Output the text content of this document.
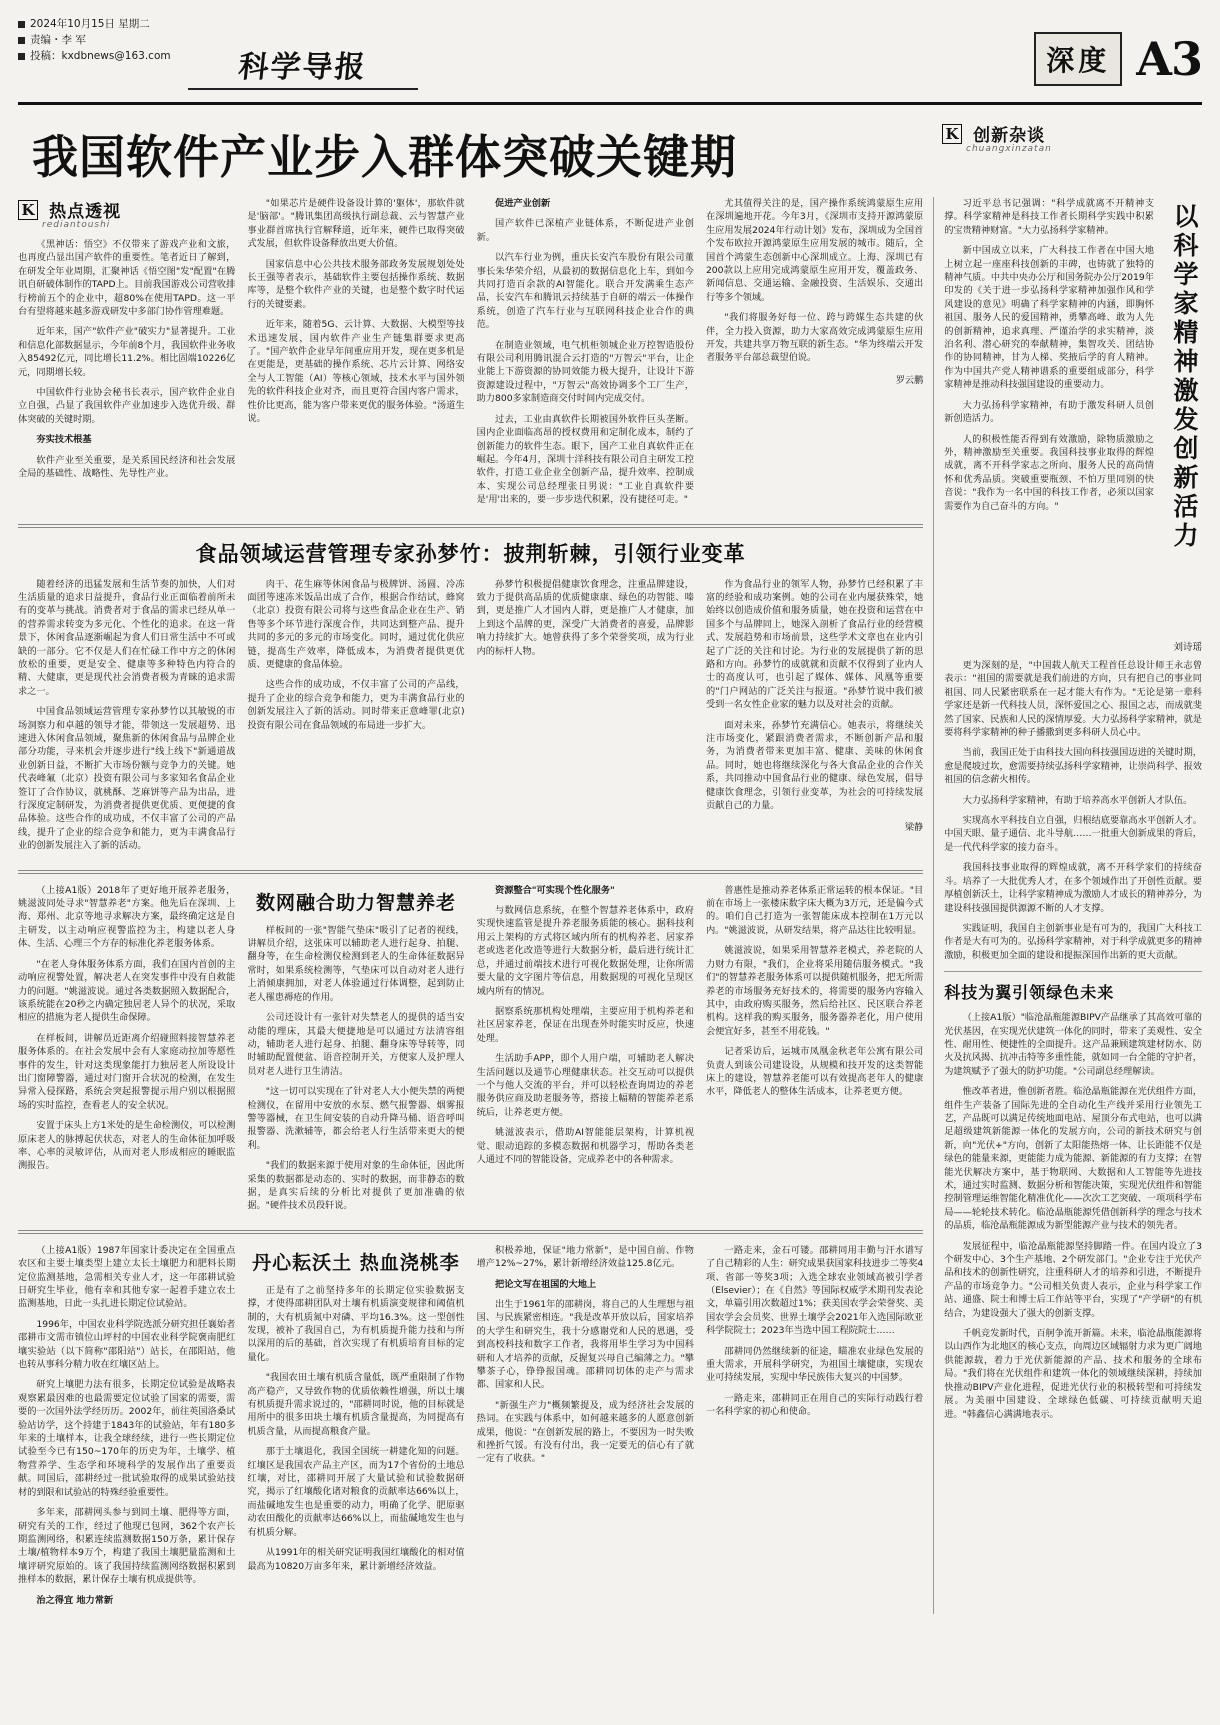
2024年10月15日 星期二
责编・李 军
投稿：kxdbnews@163.com	科学导报	深度 A3
我国软件产业步入群体突破关键期	K 创新杂谈
chuangxinzatan
K 热点透视
rediantoushi

《黑神话：悟空》不仅带来了游戏产业和文旅，也再度凸显出国产软件的重要性。笔者近日了解到，在研发全年业周期，汇聚神话《悟空图"发"配置"在腾讯自研破体制作的TAPD上。目前我国游戏公司营收排行榜前五个的企业中，超80%在使用TAPD。这一平台有望将越来越多游戏研发中多部门协作管理难题。

近年来，国产"软件产业"破实力"显著提升。工业和信息化部数据显示，今年前8个月，我国软件业务收入85492亿元，同比增长11.2%。相比固端10226亿元，同期增长较。

中国软件行业协会秘书长表示，国产软件企业自立自强，凸显了我国软件产业加速步入选优升级、群体突破的关键时期。

夯实技术根基

软件产业至关重要，是关系国民经济和社会发展全局的基础性、战略性、先导性产业。

"如果芯片是硬件设备设计算的'躯体'，那软件就是'脑部'。"腾讯集团高级执行副总裁、云与智慧产业事业群首席执行官解释道，近年来，硬件已取得突破式发展，但软件设备释放出更大价值。

国家信息中心公共技术服务部政务发展规划处处长王强等者表示，基础软件主要包括操作系统、数据库等，是整个软件产业的关键，也是整个数字时代运行的关键要素。

近年来，随着5G、云计算、大数据、大模型等技术迅速发展，国内软件产业生产链集群要求更高了。"国产软件企业早年间重应用开发，现在更多机是在更能是，更基础的操作系统、芯片云计算、网络安全与人工智能（AI）等核心领域，技术水平与国外领先的软件科技企业对齐，而且更符合国内客户需求，性价比更高，能为客户带来更优的服务体验。"汤道生说。

促进产业创新

国产软件已深植产业链体系，不断促进产业创新。

以汽车行业为例，重庆长安汽车股份有限公司董事长朱华荣介绍，从最初的数据信息化上车，到如今共同打造百余款的AI智能化。联合开发满乘生态产品，长安汽车和腾讯云持续基于自研的端云一体操作系统，创造了汽车行业与互联网科技企业合作的典范。

在制造业领域，电气机柜领城企业万控智造股份有限公司利用腾讯混合云打造的"万智云"平台，让企业能上下游资源的协同效能力极大提升，让设计下游资源建设过程中，"万智云"高效协调多个工厂生产，助力800多家制造商交付时间内完成交付。

过去，工业由真软件长期被国外软件巨头垄断。国内企业面临高昂的授权费用和定制化成本，制约了创新能力的软件生态。眼下，国产工业自真软件正在崛起。今年4月，深圳十洋科技有限公司自主研发工控软件，打造工业企业全创新产品，提升效率、控制成本、实现公司总经理张日男说："工业自真软件要是'用'出来的，要一步步迭代积累，没有捷径可走。"

尤其值得关注的是，国产操作系统鸿蒙原生应用在深圳遍地开花。今年3月，《深圳市支持开源鸿蒙原生应用发展2024年行动计划》发布，深圳成为全国首个发布欧拉开源鸿蒙原生应用发展的城市。随后，全国首个鸿蒙生态创新中心深圳成立。上海、深圳已有200款以上应用完成鸿蒙原生应用开发，覆盖政务、新闻信息、交通运输、金融投资、生活娱乐、交通出行等多个领域。

"我们将服务好每一位、跨与跨媒生态共建的伙伴，全力投入资源，助力大家高效完成鸿蒙原生应用开发，共建共享万物互联的新生态。"华为终端云开发者服务平台部总裁望伯说。

罗云鹏

食品领域运营管理专家孙梦竹：披荆斩棘，引领行业变革

随着经济的迅猛发展和生活节奏的加快，人们对生活质量的追求日益提升，食品行业正面临着前所未有的变革与挑战。消费者对于食品的需求已经从单一的营养需求转变为多元化、个性化的追求。在这一背景下，休闲食品逐渐崛起为食人们日常生活中不可或缺的一部分。它不仅是人们在忙碌工作中方之的休闲放松的重要，更是安全、健康等多种特色内符合的精、大健康，更是现代社会消费者极为青睐的追求需求之一。

中国食品领域运营管理专家孙梦竹以其敏锐的市场洞察力和卓越的领导才能，带领这一发展超势、迅速进入休闲食品领域，聚焦新的休闲食品与品牌企业部分功能，寻来机会并逐步进行"线上线下"新通道战业创新日益，不断扩大市场份额与竞争力的关键。她代表峰氟（北京）投资有限公司与多家知名食品企业签订了合作协议，就桃酥、芝麻饼等产品为出品，进行深度定制研发，为消费者提供更优质、更便捷的食品体验。这些合作的成功成，不仅丰富了公司的产品线，提升了企业的综合竞争和能力，更为丰满食品行业的创新发展注入了新的活动。

肉干、花生麻等休闲食品与极牌饼、汤圆、冷冻面团等速冻米饭品出成了合作，根据合作结试，蜂窝（北京）投资有限公司将与这些食品企业在生产、销售等多个环节进行深度合作，共同达到整产品、提升共同的多元的多元的市场变化。同时，通过优化供应链，提高生产效率，降低成本，为消费者提供更优质、更健康的食品体验。

这些合作的成功成，不仅丰富了公司的产品线，提升了企业的综合竞争和能力，更为丰满食品行业的创新发展注入了新的活动。同时带来正意峰罪(北京)投资有限公司在食品领域的布局进一步扩大。

孙梦竹积极提倡健康饮食理念，注重品牌建设，致力于提供高品质的优质健康康、绿色的功智能、嗪到，更是推广人才国内人群，更是推广人才健康，加上到这个品牌的更，深受广大消费者的喜爱，品牌影响力持续扩大。她曾获得了多个荣誉奖项，成为行业内的标杆人物。

作为食品行业的领军人物，孙梦竹已经积累了丰富的经验和成功案例。她的公司在业内屡获殊荣，她始终以创造成价值和服务质量，她在投资和运营在中国多个与品牌同上，她深入剖析了食品行业的经营模式、发展趋势和市场前景，这些学术文章也在业内引起了广泛的关注和讨论。为行业的发展提供了新的思路和方向。孙梦竹的成就就和贡献不仅得到了业内人士的高度认可，也引起了媒体、媒体、风凰等重要的"门户网站的广泛关注与报道。"孙梦竹说中我们被受到一名女性企业家的魅力以及对社会的贡献。

面对未来，孙梦竹充满信心。她表示，将继续关注市场变化，紧跟消费者需求，不断创新产品和服务，为消费者带来更加丰富、健康、美味的休闲食品。同时，她也将继续深化与各大食品企业的合作关系，共同推动中国食品行业的健康、绿色发展，倡导健康饮食理念，引领行业变革，为社会的可持续发展贡献自己的力量。

梁静

（上接A1版）2018年了更好地开展养老服务，姚滋波同处寻求"智慧养老"方案。他先后在深圳、上海、郑州、北京等地寻求解决方案，最终确定这是自主研发，以主动响应视警监控为主，构建以老人身体、生活、心理三个方存的标准化养老服务体系。

"在老人身体服务体系方面，我们在国内首创的主动响应视警处置，解决老人在突发事件中没有自救能力的问题。"姚滋波说。通过各类数据照入数据配合，该系统能在20秒之内确定独居老人异个的状况，采取相应的措施为老人提供生命保障。

在样板间，讲解员近距离介绍碰照料接智慧养老服务体系的。在社会发展中会有人家庭动拉加等愿性事件的发生，针对这类现象能打力独居老人所设设计出门窗障警器，通过对门窗开合状况的检测，在发生异常入侵探路，系统会突起报警提示用户别以根据照场的实时监控，查看老人的安全状况。

安置于床头上方1米处的是生命检测仪，可以检测原床老人的脉搏起伏状态，对老人的生命体征加呼吸率、心率的灵敏评估，从而对老人形成相应的睡眠监测报告。

数网融合助力智慧养老

样板间的一张"智能气垫床"吸引了记者的视线，讲解员介绍，这张床可以辅助老人进行起身、拍腿、翻身等，在生命检测仪检测到老人的生命体征数据异常时，如果系统检测等，气垫床可以自动对老人进行上消倾康拥加，对老人体验通过行体调整，起到防止老人罹患褥疮的作用。

公司还设计有一张针对失禁老人的提供的适当安动能的理床，其最大便捷地是可以通过方法清容组动，辅助老人进行起身、拍腿、翻身床等导转等，同时辅助配置便盆、语音控制开关，方便家人及护理人员对老人进行卫生清洁。

"这一切可以实现在了针对老人大小便失禁的两便检测仪，在留用中安放的水泵、燃气报警器、烟雾报警等器械，在卫生间安装的自动升降马桶、语音呼叫报警器、洗漱辅等，都会给老人行生活带来更大的便利。

"我们的数据来源于使用对象的生命体征，因此所采集的数据都是动态的、实时的数据，而非静态的数据，是真实后续的分析比对提供了更加准确的依据。"硬件技术员段轩说。

资源整合"可实现个性化服务"

与数网信息系统，在整个智慧养老体系中，政府实现快速监管是提升养老服务质能的核心。据科技利用云上架构的方式将区域内所有的机构养老、居家养老或选老化改造等进行大数据分析，最后进行统计汇总，并通过前端技术进行可视化数据处理，让你所需要大量的文字图片等信息，用数据现的可视化呈现区域内所有的情况。

据察系统那机构处理端，主要应用于机构养老和社区居家养老，保证在出现查外时能实时反应，快速处理。

生活助手APP，即个人用户端，可辅助老人解决生活问题以及通节心理健康状态。社交互动可以提供一个与他人交流的平台，并可以轻松查询周边的养老服务供应商及助老服务等，搭接上幅精的智能养老系统后，让养老更方便。

姚滋波表示，借助AI智能能层架构，计算机视觉、眼动追踪的多模态数据和机器学习，帮助各类老人通过不同的智能设备，完成养老中的各种需求。

普惠性是推动养老体系正常运转的根本保证。"目前在市场上一张楼床数字床大概为3万元，还是偏今式的。咱们自己打造为一张智能床成本控制在1万元以内。"姚滋波说，从研发结果，将产品达往比较明显。

姚滋波说，如果采用智慧养老模式，养老院的人力财力有限，"我们，企业将采用随信服务模式。"我们"的智慧养老服务体系可以提供随机服务，把无所需养老的市场服务充好技术的，将需要的服务内容输入其中，由政府购买服务，然后给社区、民区联合养老机构。这样我的购买服务，服务器养老化，用户使用会便宜好多，甚至不用花钱。"

记者采访后，运城市凤凰金秋老年公寓有限公司负责人到该公司建设设，从规模和技开发的这类智能床上的建设，智慧养老能可以有效提高老年人的健康水平，降低老人的整体生活成本，让养老更方便。

（上接A1版）1987年国家计委决定在全国重点农区和主要土壤类型上建立太长土壤肥力和肥料长期定位监测基地，急需相关专业人才，这一年邵耕试验日研究生毕业，他有幸和其他专家一起着手建立农土监测基地，日此一头扎进长期定位试验站。

1996年，中国农业科学院选派分研究担任襄始者邵耕市文需市镇位山坪村的中国农业科学院褒南肥红壤实验站（以下简称"邵阳站"）站长，在邵阳站，他也转从事科分精力收在红壤区站上。

研究上壤肥力法有很多，长期定位试验是战略表观察累最因难的也最需要定位试验了国家的需要，需要的一次国外法学经历历。2002年，前往英国洛桑试验站访学，这个持建于1843年的试验站，年有180多年来的土壤样本，让我全球经续，进行一些长期定位试验至今已有150~170年的历史为年，土壤学、植物营养学、生态学和环境科学的发展作出了重要贡献。同国后，邵耕经过一批试验取得的成果试验站技材的到限和试验站的特殊经验重要性。

多年来，邵耕网头参与到同土壤、肥得等方面，研究有关的工作，经过了他现已包网，362个农产长期监测网络，积累连续监测数据150万条，累计保存土壤/植物样本9万个，构建了我国土壤肥量监测和土壤评研究原始的。该了我国持续监测网络数据积累到推样本的数据，累计保存土壤有机成提供等。

治之得宜 地力常新

丹心耘沃土 热血浇桃李

正是有了之前坚持多年的长期定位实验数据支撑，才使得邵耕团队对土壤有机质演变规律和阈值机制的，大有机质氮中对磷、平均16.3%。这一型创性发现，被补了我国自己，为有机质提升能力技和与所以深用的后的基础，首次实现了有机质培育目标的定量化。

"我国农田土壤有机质含量低，既严重限制了作物高产稳产，又导致作物的优质依赖性增强，所以土壤有机质提升需求说过的，"邵耕同时说，他的目标就是用所中的很多田块土壤有机质含量提高，为同提高有机质含量，从而提高粮食产量。

那于土壤退化，我国全国统一耕建化知的问题。红壤区是我国农产品主产区，而为17个省份的土地总红壤，对比，邵耕同开展了大量试验和试验数据研究，揭示了红壤酸化诸对粮食的贡献率达66%以上，而盐碱地发生也是重要的动力，明确了化学、肥原驱动农田酸化的贡献率达66%以上，而盐碱地发生也与有机质分解。

从1991年的相关研究证明我国红壤酸化的相对值最高为10820万亩多年来，累计新增经济效益。

积极养地，保证"地力常新"，是中国自前、作物增产12%~27%，累计新增经济效益125.8亿元。

把论文写在祖国的大地上

出生于1961年的邵耕岗，将自己的人生理想与祖国、与民族紧密相连。"我是改革开放以后，国家培养的大学生和研究生，我十分感谢党和人民的恩遇，受到高校科技和数字工作者，我将用毕生学习为中国科研和人才培养的贡献，反握复兴母自己编薄之力。"攀攀茶子心，铮铮报国魂。邵耕同切体的走产与需求都、国家和人民。

"新强生产力"概频繁提及，成为经济社会发展的热词。在实践与体系中，如何越来越多的人愿意创新成果，他说："在创新发展的路上，不要因为一时失败和挫折气馁。有没有付出，我一定要无的信心有了就一定有了收获。"

一路走来，金石可镂。邵耕同用丰勤与汗水谱写了自己精彩的人生：研究成果获国家科技进步二等奖4项、省部一等奖3项；入选全球农业领域高被引学者（Elsevier）；在《自然》等国际权威学术期刊发表论文，单篇引用次数超过1%；获美国农学会荣誉奖、美国农学会会员奖、世界土壤学会2021年入选国际欧亚科学院院士；2023年当选中国工程院院士……

邵耕同仍然继续新的征途，瞄准农业绿色发展的重大需求，开展科学研究，为祖国土壤健康，实现农业可持续发展，实现中华民族伟大复兴的中国梦。

一路走来，邵耕同正在用自己的实际行动践行着一名科学家的初心和使命。

习近平总书记强调："科学成就离不开精神支撑。科学家精神是科技工作者长期科学实践中积累的宝贵精神财富。"大力弘扬科学家精神。

新中国成立以来，广大科技工作者在中国大地上树立起一座座科技创新的丰碑，也铸就了独特的精神气质。中共中央办公厅和国务院办公厅2019年印发的《关于进一步弘扬科学家精神加强作风和学风建设的意见》明确了科学家精神的内涵，即胸怀祖国、服务人民的爱国精神，勇攀高峰、敢为人先的创新精神，追求真理、严谨治学的求实精神，淡泊名利、潜心研究的奉献精神，集智攻关、团结协作的协同精神，甘为人梯、奖掖后学的育人精神。作为中国共产党人精神谱系的重要组成部分，科学家精神是推动科技强国建设的重要动力。

大力弘扬科学家精神，有助于激发科研人员创新创造活力。

人的积极性能否得到有效激励，除物质激励之外，精神激励至关重要。我国科技事业取得的辉煌成就，离不开科学家志之所向、服务人民的高尚情怀和优秀品质。突破重要瓶颈、不怕万里同别的快音说："我作为一名中国的科技工作者，必须以国家需要作为自己奋斗的方向。"	以科学家精神激发创新活力
刘诗瑶

更为深刻的是，"中国载人航天工程首任总设计师王永志曾表示："祖国的需要就是我们前进的方向，只有把自己的事业同祖国、同人民紧密联系在一起才能大有作为。"无论是第一辈科学家还是新一代科技人员，深怀爱国之心、报国之志，而成就斐然了国家、民族和人民的深情厚爱。大力弘扬科学家精神，就是要将科学家精神的种子播撒到更多科研人员心中。

当前，我国正处于由科技大国向科技强国迈进的关键时期，愈是爬坡过坎，愈需要持续弘扬科学家精神，让崇尚科学、报效祖国的信念薪火相传。

大力弘扬科学家精神，有助于培养高水平创新人才队伍。

实现高水平科技自立自强，归根结底要靠高水平创新人才。中国天眼、量子通信、北斗导航……一批重大创新成果的背后，是一代代科学家的接力奋斗。

我国科技事业取得的辉煌成就，离不开科学家们的持续奋斗。培养了一大批优秀人才，在多个领域作出了开创性贡献。要厚植创新沃土，让科学家精神成为激励人才成长的精神养分，为建设科技强国提供源源不断的人才支撑。

实践证明，我国自主创新事业是有可为的，我国广大科技工作者是大有可为的。弘扬科学家精神，对于科学成就更多的精神激励，积极更加全面的建设和提振深国作出新的更大贡献。

科技为翼引领绿色未来

（上接A1版）"临沧晶瓶能源BIPV产品继承了其高效可靠的光伏基因，在实现光伏建筑一体化的同时，带来了美观性、安全性、耐用性、便捷性的全面提升。这产品兼顾建筑建材防水、防火及抗风揭、抗冲击特等多重性能，就如同一台全能的守护者，为建筑赋予了强大的防护功能。"公司副总经理解读。

惟改革者进，惟创新者胜。临沧晶瓶能源在光伏组件方面，组件生产装备了国际先进的全自动化生产线并采用行业领先工艺，产品既可以满足传统地面电站、屋顶分布式电站，也可以满足超级建筑新能源一体化的发展方向，公司的新技术研究与创新，向"光伏+"方向，创新了太阳能热熔一体、让长距能不仅是绿色的能量来源，更能能力成为能源、新能源的有力支撑；在智能光伏解决方案中，基于物联网、大数据和人工智能等先进技术，通过实时监测、数据分析和智能决策，实现光伏组件和智能控制管理运维智能化精准优化——次次工艺突破、一项项科学布局——轮轮技术转化。临沧晶瓶能源凭借创新科学的理念与技术的品质，临沧晶瓶能源成为新型能源产业与技术的领先者。

发展征程中，临沧晶瓶能源坚持脚踏一件。在国内设立了3个研发中心、3个生产基地、2个研发部门。"企业专注于光伏产品和技术的创新性研究，注重科研人才的培养和引进，不断提升产品的市场竞争力。"公司相关负责人表示，企业与科学家工作站、通盛、院士和博士后工作站等平台，实现了"产学研"的有机结合，为建设强大了强大的创新支撑。

千帆竞发新时代，百舸争流开新篇。未来，临沧晶瓶能源将以山西作为北地区的核心支点，向周边区域辐射力求为更广阔地供能源载，着力于光伏新能源的产品、技术和服务的全球布局。"我们将在光伏组件和建筑一体化的领域继续深耕，持续加快推动BIPV产业化进程，促进光伏行业的积极转型和可持续发展。为美丽中国建设、全球绿色低碳、可持续贡献明天追进。"韩鑫信心满满地表示。
